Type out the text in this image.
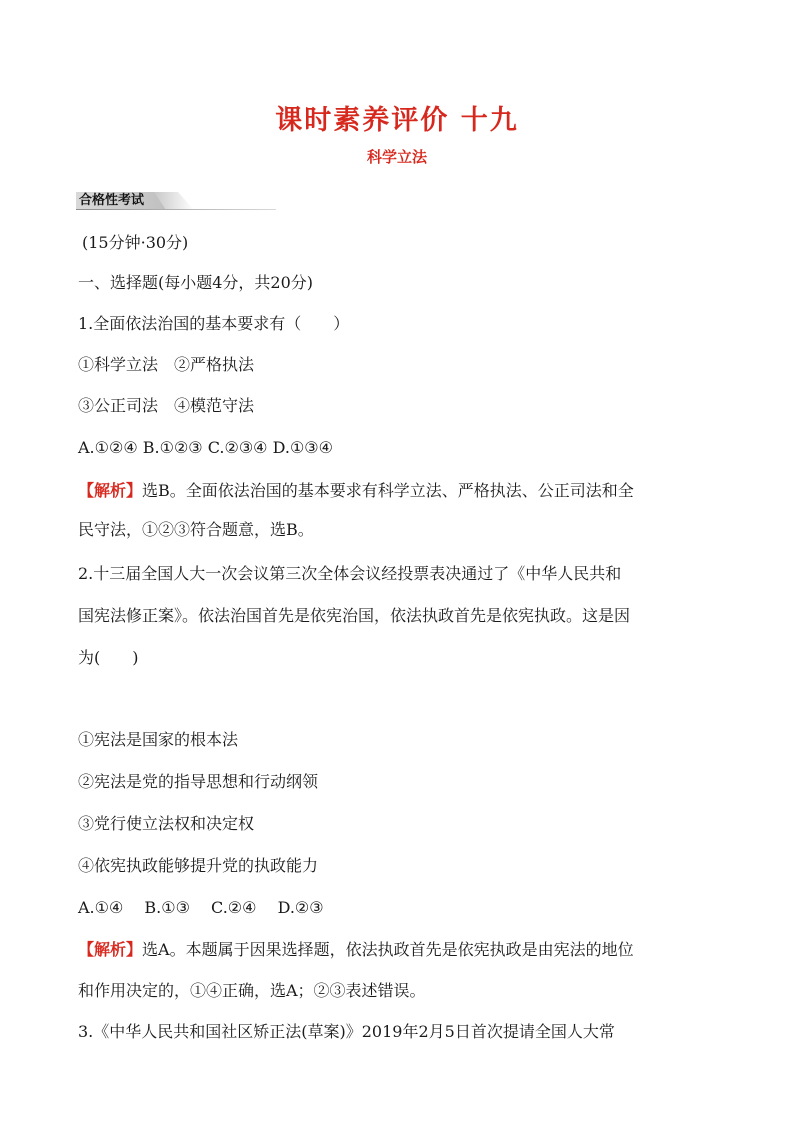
课时素养评价 十九
科学立法
合格性考试
(15分钟·30分)
一、选择题(每小题4分，共20分)
1.全面依法治国的基本要求有（　　）
①科学立法　②严格执法
③公正司法　④模范守法
A.①②④ B.①②③ C.②③④ D.①③④
【解析】选B。全面依法治国的基本要求有科学立法、严格执法、公正司法和全
民守法，①②③符合题意，选B。
2.十三届全国人大一次会议第三次全体会议经投票表决通过了《中华人民共和
国宪法修正案》。依法治国首先是依宪治国，依法执政首先是依宪执政。这是因
为(　　)
①宪法是国家的根本法
②宪法是党的指导思想和行动纲领
③党行使立法权和决定权
④依宪执政能够提升党的执政能力
A.①④　 B.①③　 C.②④　 D.②③
【解析】选A。本题属于因果选择题，依法执政首先是依宪执政是由宪法的地位
和作用决定的，①④正确，选A；②③表述错误。
3.《中华人民共和国社区矫正法(草案)》2019年2月5日首次提请全国人大常
